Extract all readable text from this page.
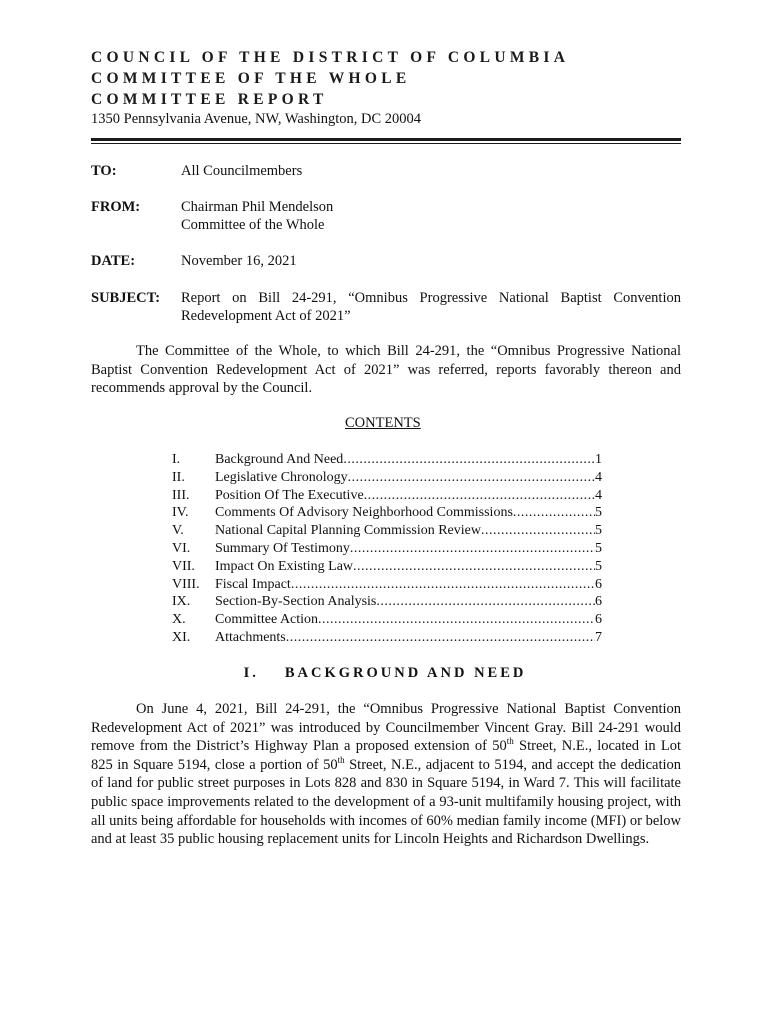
COUNCIL OF THE DISTRICT OF COLUMBIA
COMMITTEE OF THE WHOLE
COMMITTEE REPORT
1350 Pennsylvania Avenue, NW, Washington, DC 20004
TO:	All Councilmembers
FROM:	Chairman Phil Mendelson
Committee of the Whole
DATE:	November 16, 2021
SUBJECT: Report on Bill 24-291, “Omnibus Progressive National Baptist Convention Redevelopment Act of 2021”
The Committee of the Whole, to which Bill 24-291, the “Omnibus Progressive National Baptist Convention Redevelopment Act of 2021” was referred, reports favorably thereon and recommends approval by the Council.
CONTENTS
I.	Background And Need .....	1
II.	Legislative Chronology .....	4
III.	Position Of The Executive .....	4
IV.	Comments Of Advisory Neighborhood Commissions .....	5
V.	National Capital Planning Commission Review .....	5
VI.	Summary Of Testimony .....	5
VII.	Impact On Existing Law .....	5
VIII.	Fiscal Impact .....	6
IX.	Section-By-Section Analysis .....	6
X.	Committee Action .....	6
XI.	Attachments .....	7
I. BACKGROUND AND NEED
On June 4, 2021, Bill 24-291, the “Omnibus Progressive National Baptist Convention Redevelopment Act of 2021” was introduced by Councilmember Vincent Gray. Bill 24-291 would remove from the District’s Highway Plan a proposed extension of 50th Street, N.E., located in Lot 825 in Square 5194, close a portion of 50th Street, N.E., adjacent to 5194, and accept the dedication of land for public street purposes in Lots 828 and 830 in Square 5194, in Ward 7. This will facilitate public space improvements related to the development of a 93-unit multifamily housing project, with all units being affordable for households with incomes of 60% median family income (MFI) or below and at least 35 public housing replacement units for Lincoln Heights and Richardson Dwellings.
